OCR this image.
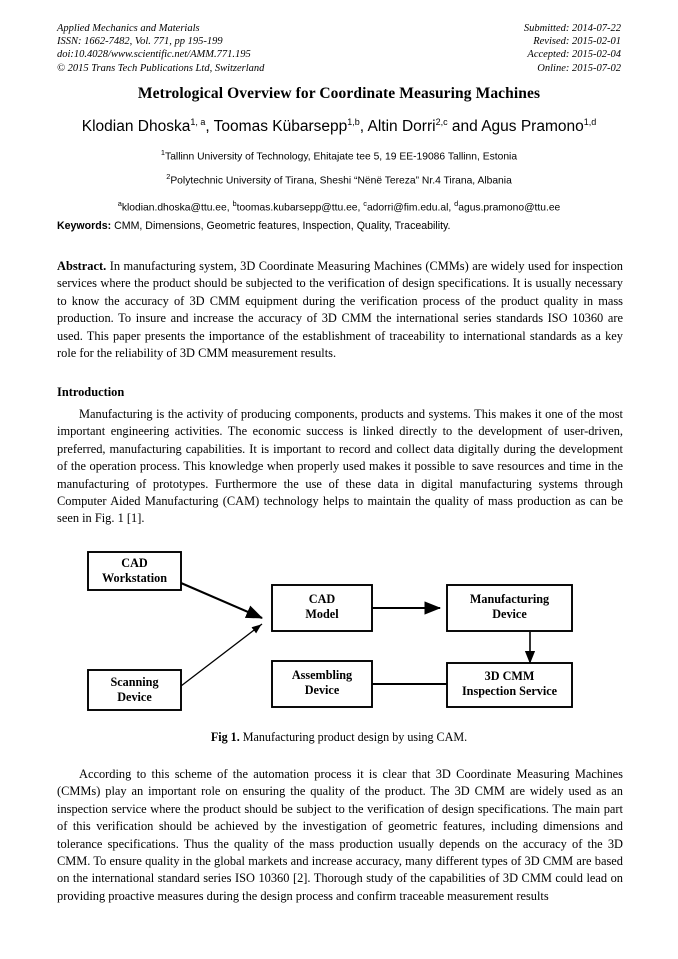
Applied Mechanics and Materials
ISSN: 1662-7482, Vol. 771, pp 195-199
doi:10.4028/www.scientific.net/AMM.771.195
© 2015 Trans Tech Publications Ltd, Switzerland
Submitted: 2014-07-22
Revised: 2015-02-01
Accepted: 2015-02-04
Online: 2015-07-02
Metrological Overview for Coordinate Measuring Machines
Klodian Dhoska$^{1, a}$, Toomas Kübarsepp$^{1,b}$, Altin Dorri$^{2,c}$ and Agus Pramono$^{1,d}$
$^1$Tallinn University of Technology, Ehitajate tee 5, 19 EE-19086 Tallinn, Estonia
$^2$Polytechnic University of Tirana, Sheshi “Nënë Tereza” Nr.4 Tirana, Albania
$^a$klodian.dhoska@ttu.ee, $^b$toomas.kubarsepp@ttu.ee, $^c$adorri@fim.edu.al, $^d$agus.pramono@ttu.ee
Keywords: CMM, Dimensions, Geometric features, Inspection, Quality, Traceability.
Abstract. In manufacturing system, 3D Coordinate Measuring Machines (CMMs) are widely used for inspection services where the product should be subjected to the verification of design specifications. It is usually necessary to know the accuracy of 3D CMM equipment during the verification process of the product quality in mass production. To insure and increase the accuracy of 3D CMM the international series standards ISO 10360 are used. This paper presents the importance of the establishment of traceability to international standards as a key role for the reliability of 3D CMM measurement results.
Introduction
Manufacturing is the activity of producing components, products and systems. This makes it one of the most important engineering activities. The economic success is linked directly to the development of user-driven, preferred, manufacturing capabilities. It is important to record and collect data digitally during the development of the operation process. This knowledge when properly used makes it possible to save resources and time in the manufacturing of prototypes. Furthermore the use of these data in digital manufacturing systems through Computer Aided Manufacturing (CAM) technology helps to maintain the quality of mass production as can be seen in Fig. 1 [1].
CAD
Workstation
Scanning
Device
CAD
Model
Manufacturing
Device
3D CMM
Inspection Service
Assembling
Device
Fig 1. Manufacturing product design by using CAM.
According to this scheme of the automation process it is clear that 3D Coordinate Measuring Machines (CMMs) play an important role on ensuring the quality of the product. The 3D CMM are widely used as an inspection service where the product should be subject to the verification of design specifications. The main part of this verification should be achieved by the investigation of geometric features, including dimensions and tolerance specifications. Thus the quality of the mass production usually depends on the accuracy of the 3D CMM. To ensure quality in the global markets and increase accuracy, many different types of 3D CMM are based on the international standard series ISO 10360 [2]. Thorough study of the capabilities of 3D CMM could lead on providing proactive measures during the design process and confirm traceable measurement results
